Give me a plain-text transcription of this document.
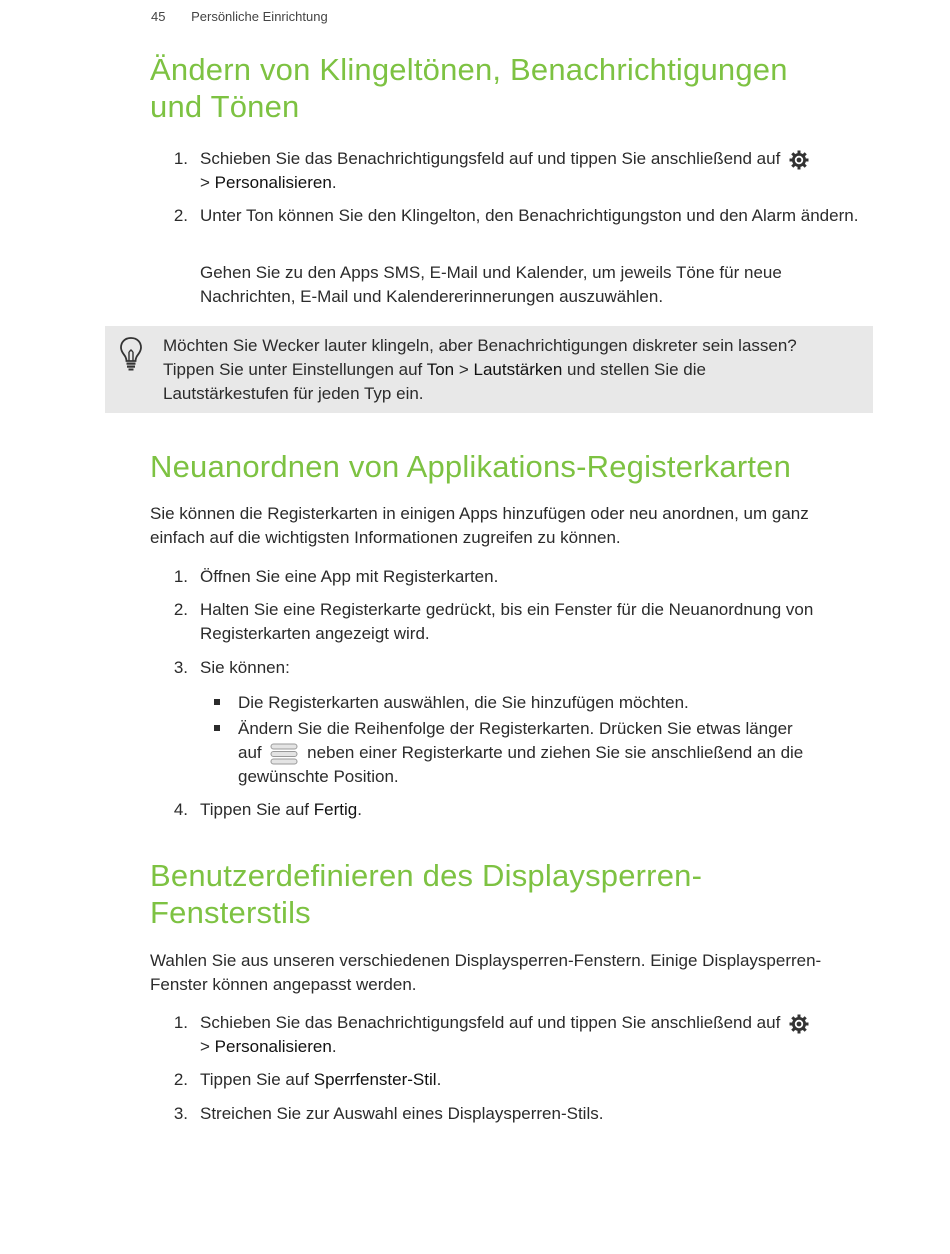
45 Persönliche Einrichtung
Ändern von Klingeltönen, Benachrichtigungen
und Tönen
1. Schieben Sie das Benachrichtigungsfeld auf und tippen Sie anschließend auf
> Personalisieren.
2. Unter Ton können Sie den Klingelton, den Benachrichtigungston und den Alarm ändern.

Gehen Sie zu den Apps SMS, E-Mail und Kalender, um jeweils Töne für neue Nachrichten, E-Mail und Kalendererinnerungen auszuwählen.

Möchten Sie Wecker lauter klingeln, aber Benachrichtigungen diskreter sein lassen?
Tippen Sie unter Einstellungen auf Ton > Lautstärken und stellen Sie die
Lautstärkestufen für jeden Typ ein.
Neuanordnen von Applikations-Registerkarten

Sie können die Registerkarten in einigen Apps hinzufügen oder neu anordnen, um ganz einfach auf die wichtigsten Informationen zugreifen zu können.

1. Öffnen Sie eine App mit Registerkarten.
2. Halten Sie eine Registerkarte gedrückt, bis ein Fenster für die Neuanordnung von Registerkarten angezeigt wird.
3. Sie können:
Die Registerkarten auswählen, die Sie hinzufügen möchten.
Ändern Sie die Reihenfolge der Registerkarten. Drücken Sie etwas länger
auf	neben einer Registerkarte und ziehen Sie sie anschließend an die
gewünschte Position.
4. Tippen Sie auf Fertig.
Benutzerdefinieren des Displaysperren-
Fensterstils

Wahlen Sie aus unseren verschiedenen Displaysperren-Fenstern. Einige Displaysperren-Fenster können angepasst werden.

1. Schieben Sie das Benachrichtigungsfeld auf und tippen Sie anschließend auf
> Personalisieren.
2. Tippen Sie auf Sperrfenster-Stil.
3. Streichen Sie zur Auswahl eines Displaysperren-Stils.
